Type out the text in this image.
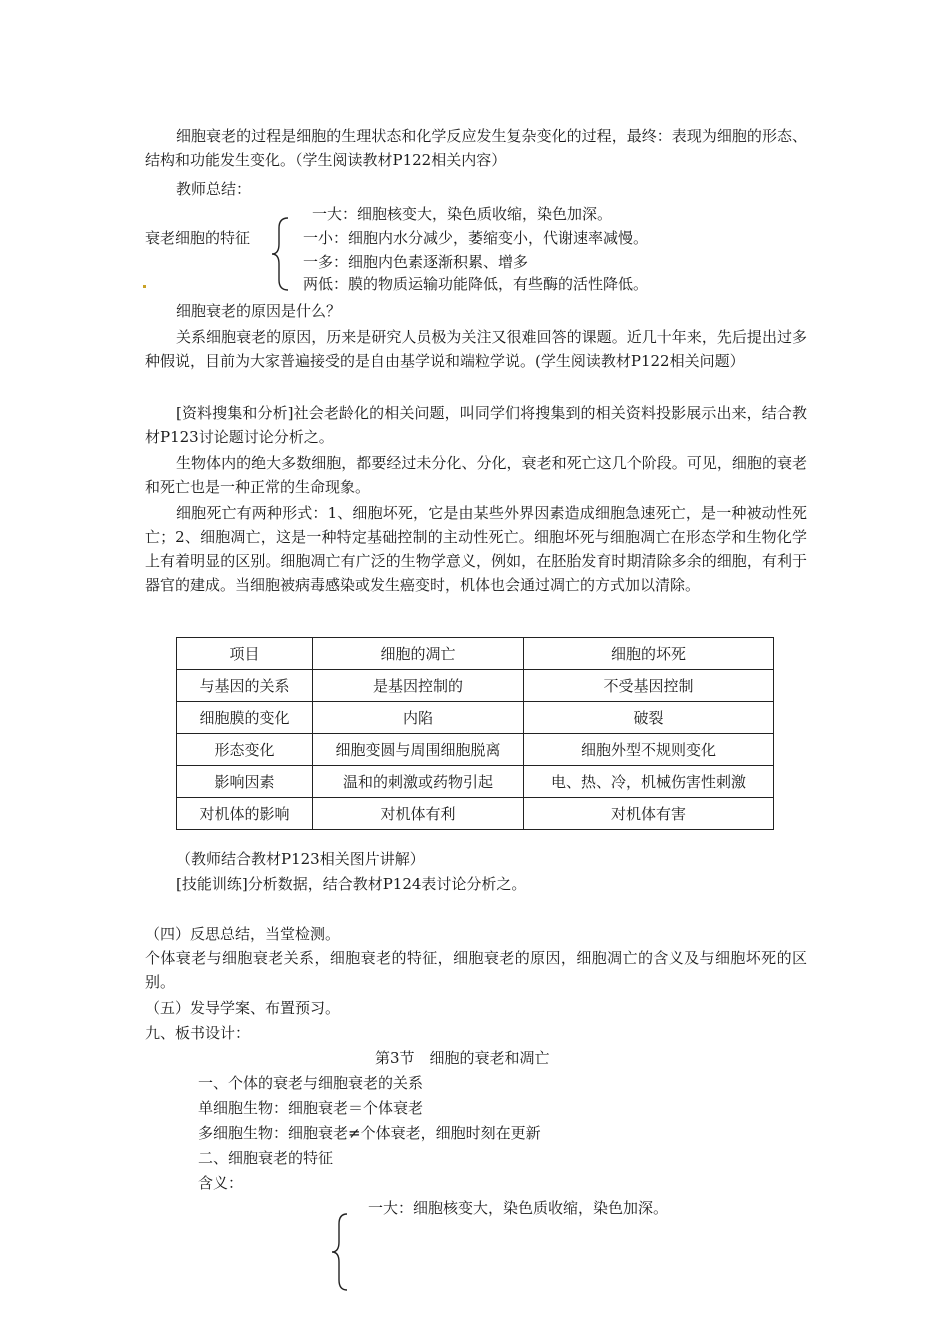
细胞衰老的过程是细胞的生理状态和化学反应发生复杂变化的过程，最终：表现为细胞的形态、结构和功能发生变化。（学生阅读教材P122相关内容）
教师总结：
衰老细胞的特征
一大：细胞核变大，染色质收缩，染色加深。
一小：细胞内水分减少，萎缩变小，代谢速率减慢。
一多：细胞内色素逐渐积累、增多
两低：膜的物质运输功能降低，有些酶的活性降低。
细胞衰老的原因是什么？
关系细胞衰老的原因，历来是研究人员极为关注又很难回答的课题。近几十年来，先后提出过多种假说，目前为大家普遍接受的是自由基学说和端粒学说。(学生阅读教材P122相关问题）
[资料搜集和分析]社会老龄化的相关问题，叫同学们将搜集到的相关资料投影展示出来，结合教材P123讨论题讨论分析之。
生物体内的绝大多数细胞，都要经过未分化、分化，衰老和死亡这几个阶段。可见，细胞的衰老和死亡也是一种正常的生命现象。
细胞死亡有两种形式：1、细胞坏死，它是由某些外界因素造成细胞急速死亡，是一种被动性死亡；2、细胞凋亡，这是一种特定基础控制的主动性死亡。细胞坏死与细胞凋亡在形态学和生物化学上有着明显的区别。细胞凋亡有广泛的生物学意义，例如，在胚胎发育时期清除多余的细胞，有利于器官的建成。当细胞被病毒感染或发生癌变时，机体也会通过凋亡的方式加以清除。
项目	细胞的凋亡	细胞的坏死
与基因的关系	是基因控制的	不受基因控制
细胞膜的变化	内陷	破裂
形态变化	细胞变圆与周围细胞脱离	细胞外型不规则变化
影响因素	温和的刺激或药物引起	电、热、冷，机械伤害性刺激
对机体的影响	对机体有利	对机体有害
（教师结合教材P123相关图片讲解）
[技能训练]分析数据，结合教材P124表讨论分析之。
（四）反思总结，当堂检测。
个体衰老与细胞衰老关系，细胞衰老的特征，细胞衰老的原因，细胞凋亡的含义及与细胞坏死的区别。
（五）发导学案、布置预习。
九、板书设计：
第3节　细胞的衰老和凋亡
一、个体的衰老与细胞衰老的关系
单细胞生物：细胞衰老＝个体衰老
多细胞生物：细胞衰老≠个体衰老，细胞时刻在更新
二、细胞衰老的特征
含义：
一大：细胞核变大，染色质收缩，染色加深。
